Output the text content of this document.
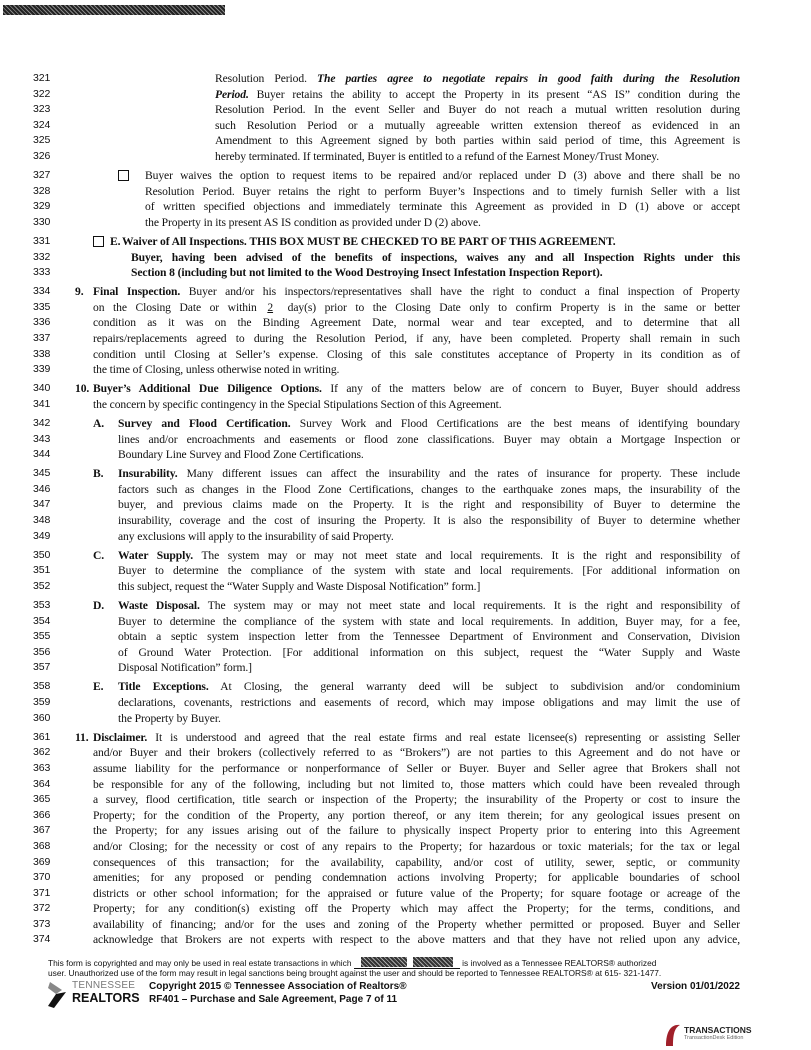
321	Resolution Period. The parties agree to negotiate repairs in good faith during the Resolution
322	Period. Buyer retains the ability to accept the Property in its present “AS IS” condition during the
323	Resolution Period. In the event Seller and Buyer do not reach a mutual written resolution during
324	such Resolution Period or a mutually agreeable written extension thereof as evidenced in an
325	Amendment to this Agreement signed by both parties within said period of time, this Agreement is
326	hereby terminated. If terminated, Buyer is entitled to a refund of the Earnest Money/Trust Money.
327	Buyer waives the option to request items to be repaired and/or replaced under D (3) above and there shall be no
328	Resolution Period. Buyer retains the right to perform Buyer’s Inspections and to timely furnish Seller with a list
329	of written specified objections and immediately terminate this Agreement as provided in D (1) above or accept
330	the Property in its present AS IS condition as provided under D (2) above.
331	E. Waiver of All Inspections. THIS BOX MUST BE CHECKED TO BE PART OF THIS AGREEMENT.
332	Buyer, having been advised of the benefits of inspections, waives any and all Inspection Rights under this
333	Section 8 (including but not limited to the Wood Destroying Insect Infestation Inspection Report).
334 9. Final Inspection. Buyer and/or his inspectors/representatives shall have the right to conduct a final inspection of Property
335	on the Closing Date or within 2 day(s) prior to the Closing Date only to confirm Property is in the same or better
336	condition as it was on the Binding Agreement Date, normal wear and tear excepted, and to determine that all
337	repairs/replacements agreed to during the Resolution Period, if any, have been completed. Property shall remain in such
338	condition until Closing at Seller’s expense. Closing of this sale constitutes acceptance of Property in its condition as of
339	the time of Closing, unless otherwise noted in writing.
340 10. Buyer’s Additional Due Diligence Options. If any of the matters below are of concern to Buyer, Buyer should address
341	the concern by specific contingency in the Special Stipulations Section of this Agreement.
342	A. Survey and Flood Certification. Survey Work and Flood Certifications are the best means of identifying boundary
343	lines and/or encroachments and easements or flood zone classifications. Buyer may obtain a Mortgage Inspection or
344	Boundary Line Survey and Flood Zone Certifications.
345	B. Insurability. Many different issues can affect the insurability and the rates of insurance for property. These include
346	factors such as changes in the Flood Zone Certifications, changes to the earthquake zones maps, the insurability of the
347	buyer, and previous claims made on the Property. It is the right and responsibility of Buyer to determine the
348	insurability, coverage and the cost of insuring the Property. It is also the responsibility of Buyer to determine whether
349	any exclusions will apply to the insurability of said Property.
350	C. Water Supply. The system may or may not meet state and local requirements. It is the right and responsibility of
351	Buyer to determine the compliance of the system with state and local requirements. [For additional information on
352	this subject, request the “Water Supply and Waste Disposal Notification” form.]
353	D. Waste Disposal. The system may or may not meet state and local requirements. It is the right and responsibility of
354	Buyer to determine the compliance of the system with state and local requirements. In addition, Buyer may, for a fee,
355	obtain a septic system inspection letter from the Tennessee Department of Environment and Conservation, Division
356	of Ground Water Protection. [For additional information on this subject, request the “Water Supply and Waste
357	Disposal Notification” form.]
358	E. Title Exceptions. At Closing, the general warranty deed will be subject to subdivision and/or condominium
359	declarations, covenants, restrictions and easements of record, which may impose obligations and may limit the use of
360	the Property by Buyer.
361 11. Disclaimer. It is understood and agreed that the real estate firms and real estate licensee(s) representing or assisting Seller
362	and/or Buyer and their brokers (collectively referred to as “Brokers”) are not parties to this Agreement and do not have or
363	assume liability for the performance or nonperformance of Seller or Buyer. Buyer and Seller agree that Brokers shall not
364	be responsible for any of the following, including but not limited to, those matters which could have been revealed through
365	a survey, flood certification, title search or inspection of the Property; the insurability of the Property or cost to insure the
366	Property; for the condition of the Property, any portion thereof, or any item therein; for any geological issues present on
367	the Property; for any issues arising out of the failure to physically inspect Property prior to entering into this Agreement
368	and/or Closing; for the necessity or cost of any repairs to the Property; for hazardous or toxic materials; for the tax or legal
369	consequences of this transaction; for the availability, capability, and/or cost of utility, sewer, septic, or community
370	amenities; for any proposed or pending condemnation actions involving Property; for applicable boundaries of school
371	districts or other school information; for the appraised or future value of the Property; for square footage or acreage of the
372	Property; for any condition(s) existing off the Property which may affect the Property; for the terms, conditions, and
373	availability of financing; and/or for the uses and zoning of the Property whether permitted or proposed. Buyer and Seller
374	acknowledge that Brokers are not experts with respect to the above matters and that they have not relied upon any advice,
This form is copyrighted and may only be used in real estate transactions in which	is involved as a Tennessee REALTORS® authorized
user. Unauthorized use of the form may result in legal sanctions being brought against the user and should be reported to Tennessee REALTORS® at 615- 321-1477.
TENNESSEE
REALTORS
Copyright 2015 © Tennessee Association of Realtors®
RF401 – Purchase and Sale Agreement, Page 7 of 11
Version 01/01/2022
TRANSACTIONS
TransactionDesk Edition
